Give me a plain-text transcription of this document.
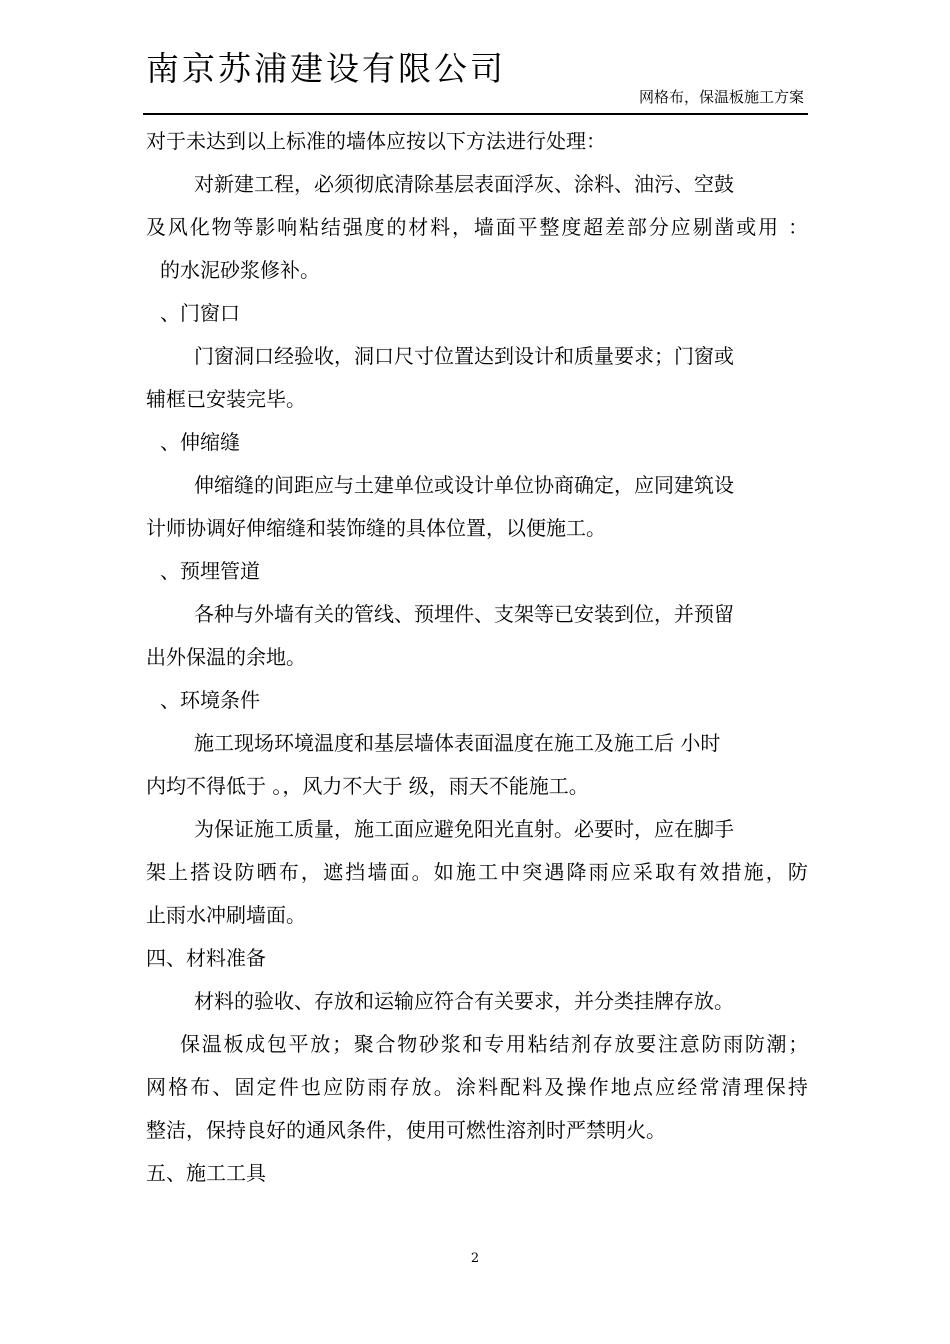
南京苏浦建设有限公司
网格布，保温板施工方案
对于未达到以上标准的墙体应按以下方法进行处理：
对新建工程，必须彻底清除基层表面浮灰、涂料、油污、空鼓
及风化物等影响粘结强度的材料，墙面平整度超差部分应剔凿或用 ：
的水泥砂浆修补。
、门窗口
门窗洞口经验收，洞口尺寸位置达到设计和质量要求；门窗或
辅框已安装完毕。
、伸缩缝
伸缩缝的间距应与土建单位或设计单位协商确定，应同建筑设
计师协调好伸缩缝和装饰缝的具体位置，以便施工。
、预埋管道
各种与外墙有关的管线、预埋件、支架等已安装到位，并预留
出外保温的余地。
、环境条件
施工现场环境温度和基层墙体表面温度在施工及施工后 小时
内均不得低于 。，风力不大于 级，雨天不能施工。
为保证施工质量，施工面应避免阳光直射。必要时，应在脚手
架上搭设防晒布，遮挡墙面。如施工中突遇降雨应采取有效措施，防
止雨水冲刷墙面。
四、材料准备
材料的验收、存放和运输应符合有关要求，并分类挂牌存放。
保温板成包平放；聚合物砂浆和专用粘结剂存放要注意防雨防潮；
网格布、固定件也应防雨存放。涂料配料及操作地点应经常清理保持
整洁，保持良好的通风条件，使用可燃性溶剂时严禁明火。
五、施工工具
2
